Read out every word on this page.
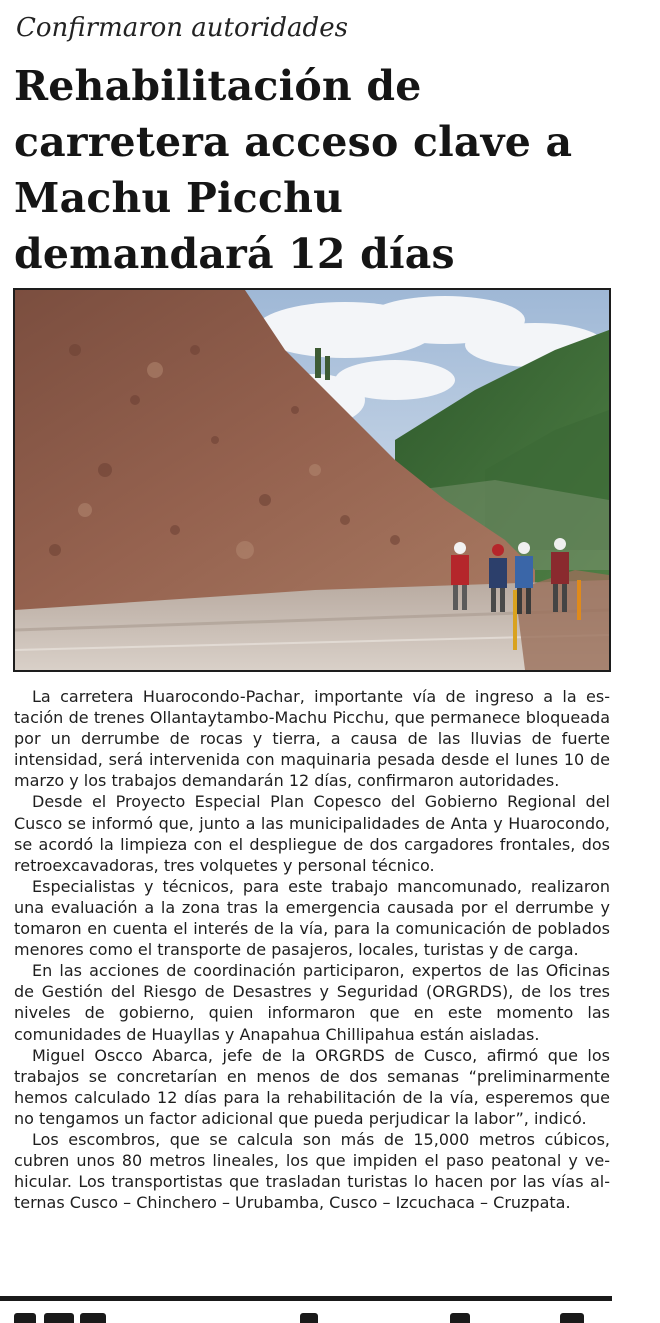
Confirmaron autoridades
Rehabilitación de
carretera acceso clave a
Machu Picchu
demandará 12 días

La carretera Huarocondo-Pachar, importante vía de ingreso a la estación de trenes Ollantaytambo-Machu Picchu, que permanece bloqueada por un derrumbe de rocas y tierra, a causa de las lluvias de fuerte intensidad, será intervenida con maquinaria pesada desde el lunes 10 de marzo y los trabajos demandarán 12 días, confirmaron autoridades.

Desde el Proyecto Especial Plan Copesco del Gobierno Regional del Cusco se informó que, junto a las municipalidades de Anta y Huarocondo, se acordó la limpieza con el despliegue de dos cargadores frontales, dos retroexcavadoras, tres volquetes y personal técnico.

Especialistas y técnicos, para este trabajo mancomunado, realizaron una evaluación a la zona tras la emergencia causada por el derrumbe y tomaron en cuenta el interés de la vía, para la comunicación de poblados menores como el transporte de pasajeros, locales, turistas y de carga.

En las acciones de coordinación participaron, expertos de las Oficinas de Gestión del Riesgo de Desastres y Seguridad (ORGRDS), de los tres niveles de gobierno, quien informaron que en este momento las comunidades de Huayllas y Anapahua Chillipahua están aisladas.

Miguel Oscco Abarca, jefe de la ORGRDS de Cusco, afirmó que los trabajos se concretarían en menos de dos semanas “preliminarmente hemos calculado 12 días para la rehabilitación de la vía, esperemos que no tengamos un factor adicional que pueda perjudicar la labor”, indicó.

Los escombros, que se calcula son más de 15,000 metros cúbicos, cubren unos 80 metros lineales, los que impiden el paso peatonal y vehicular. Los transportistas que trasladan turistas lo hacen por las vías alternas Cusco – Chinchero – Urubamba, Cusco – Izcuchaca – Cruzpata.
